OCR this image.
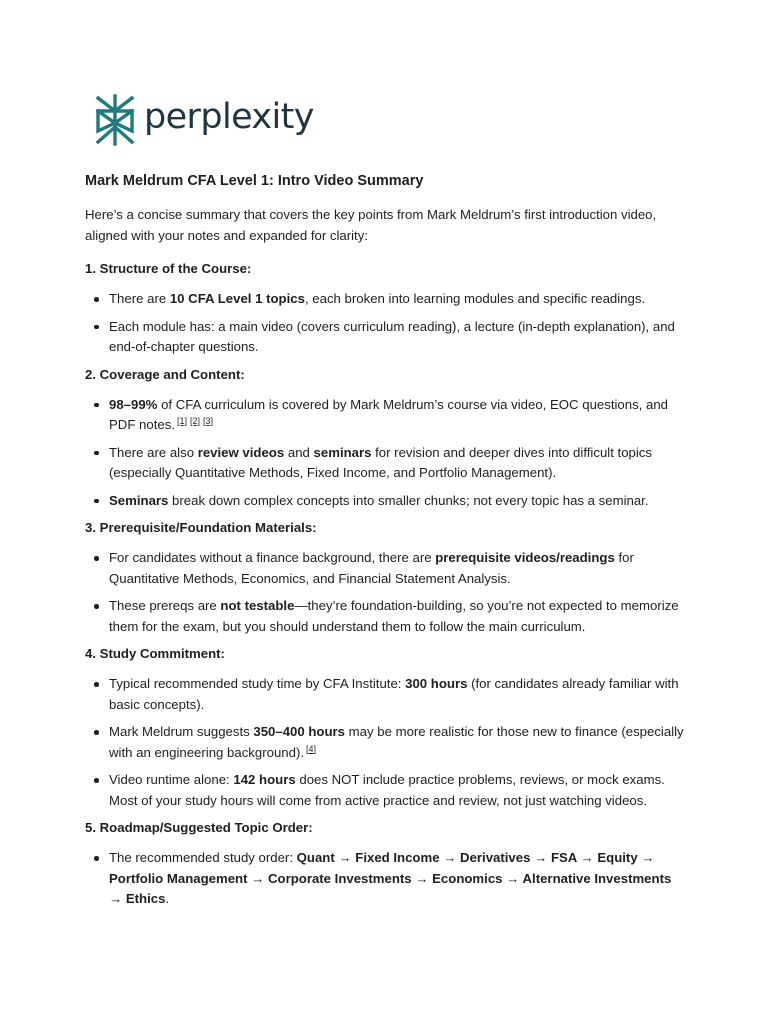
perplexity
Mark Meldrum CFA Level 1: Intro Video Summary

Here’s a concise summary that covers the key points from Mark Meldrum’s first introduction video, aligned with your notes and expanded for clarity:

1. Structure of the Course:
There are 10 CFA Level 1 topics, each broken into learning modules and specific readings.
Each module has: a main video (covers curriculum reading), a lecture (in-depth explanation), and end-of-chapter questions.
2. Coverage and Content:
98–99% of CFA curriculum is covered by Mark Meldrum’s course via video, EOC questions, and PDF notes. [1] [2] [3]
There are also review videos and seminars for revision and deeper dives into difficult topics (especially Quantitative Methods, Fixed Income, and Portfolio Management).
Seminars break down complex concepts into smaller chunks; not every topic has a seminar.
3. Prerequisite/Foundation Materials:
For candidates without a finance background, there are prerequisite videos/readings for Quantitative Methods, Economics, and Financial Statement Analysis.
These prereqs are not testable—they’re foundation-building, so you’re not expected to memorize them for the exam, but you should understand them to follow the main curriculum.
4. Study Commitment:
Typical recommended study time by CFA Institute: 300 hours (for candidates already familiar with basic concepts).
Mark Meldrum suggests 350–400 hours may be more realistic for those new to finance (especially with an engineering background). [4]
Video runtime alone: 142 hours does NOT include practice problems, reviews, or mock exams. Most of your study hours will come from active practice and review, not just watching videos.
5. Roadmap/Suggested Topic Order:
The recommended study order: Quant → Fixed Income → Derivatives → FSA → Equity → Portfolio Management → Corporate Investments → Economics → Alternative Investments → Ethics.
